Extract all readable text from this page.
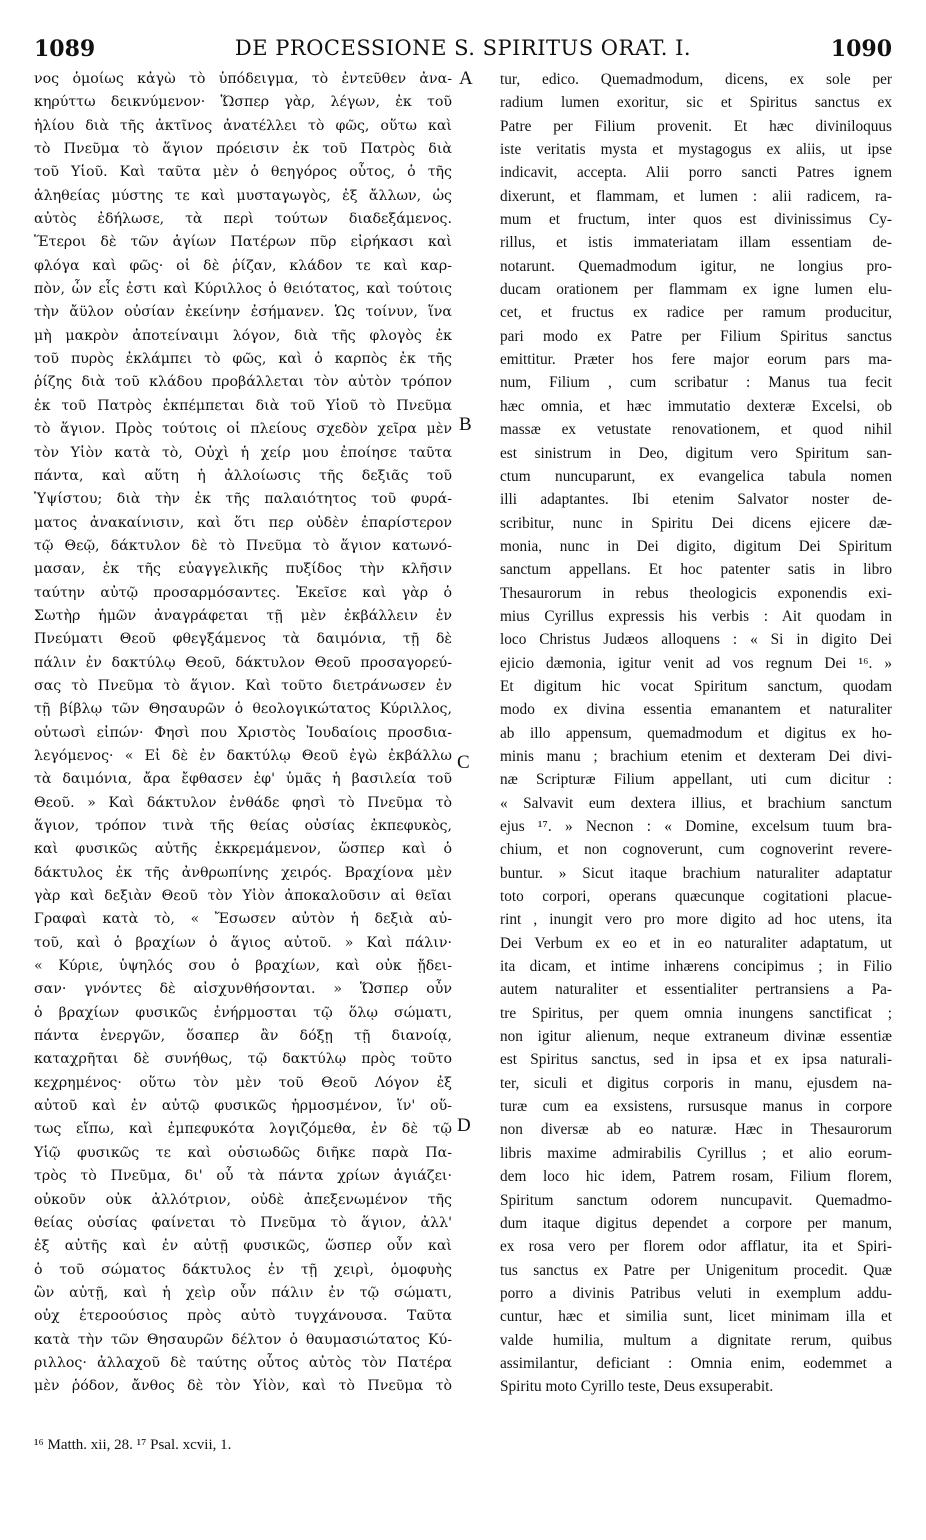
1089	DE PROCESSIONE S. SPIRITUS ORAT. I.	1090
νος ὁμοίως κἀγὼ τὸ ὑπόδειγμα, τὸ ἐντεῦθεν ἀνα-
κηρύττω δεικνύμενον· Ὥσπερ γὰρ, λέγων, ἐκ τοῦ
ἡλίου διὰ τῆς ἀκτῖνος ἀνατέλλει τὸ φῶς, οὕτω καὶ
τὸ Πνεῦμα τὸ ἅγιον πρόεισιν ἐκ τοῦ Πατρὸς διὰ
τοῦ Υἱοῦ. Καὶ ταῦτα μὲν ὁ θεηγόρος οὗτος, ὁ τῆς
ἀληθείας μύστης τε καὶ μυσταγωγὸς, ἐξ ἄλλων, ὡς
αὐτὸς ἐδήλωσε, τὰ περὶ τούτων διαδεξάμενος.
Ἕτεροι δὲ τῶν ἁγίων Πατέρων πῦρ εἰρήκασι καὶ
φλόγα καὶ φῶς· οἱ δὲ ῥίζαν, κλάδον τε καὶ καρ-
πὸν, ὧν εἷς ἐστι καὶ Κύριλλος ὁ θειότατος, καὶ τούτοις
τὴν ἄϋλον οὐσίαν ἐκείνην ἐσήμανεν. Ὡς τοίνυν, ἵνα
μὴ μακρὸν ἀποτείναιμι λόγον, διὰ τῆς φλογὸς ἐκ
τοῦ πυρὸς ἐκλάμπει τὸ φῶς, καὶ ὁ καρπὸς ἐκ τῆς
ῥίζης διὰ τοῦ κλάδου προβάλλεται τὸν αὐτὸν τρόπον
ἐκ τοῦ Πατρὸς ἐκπέμπεται διὰ τοῦ Υἱοῦ τὸ Πνεῦμα
τὸ ἅγιον. Πρὸς τούτοις οἱ πλείους σχεδὸν χεῖρα μὲν
τὸν Υἱὸν κατὰ τὸ, Οὐχὶ ἡ χείρ μου ἐποίησε ταῦτα
πάντα, καὶ αὕτη ἡ ἀλλοίωσις τῆς δεξιᾶς τοῦ
Ὑψίστου; διὰ τὴν ἐκ τῆς παλαιότητος τοῦ φυρά-
ματος ἀνακαίνισιν, καὶ ὅτι περ οὐδὲν ἐπαρίστερον
τῷ Θεῷ, δάκτυλον δὲ τὸ Πνεῦμα τὸ ἅγιον κατωνό-
μασαν, ἐκ τῆς εὐαγγελικῆς πυξίδος τὴν κλῆσιν
ταύτην αὐτῷ προσαρμόσαντες. Ἐκεῖσε καὶ γὰρ ὁ
Σωτὴρ ἡμῶν ἀναγράφεται τῇ μὲν ἐκβάλλειν ἐν
Πνεύματι Θεοῦ φθεγξάμενος τὰ δαιμόνια, τῇ δὲ
πάλιν ἐν δακτύλῳ Θεοῦ, δάκτυλον Θεοῦ προσαγορεύ-
σας τὸ Πνεῦμα τὸ ἅγιον. Καὶ τοῦτο διετράνωσεν ἐν
τῇ βίβλῳ τῶν Θησαυρῶν ὁ θεολογικώτατος Κύριλλος,
οὑτωσὶ εἰπών· Φησὶ που Χριστὸς Ἰουδαίοις προσδια-
λεγόμενος· « Εἰ δὲ ἐν δακτύλῳ Θεοῦ ἐγὼ ἐκβάλλω
τὰ δαιμόνια, ἄρα ἔφθασεν ἐφ' ὑμᾶς ἡ βασιλεία τοῦ
Θεοῦ. » Καὶ δάκτυλον ἐνθάδε φησὶ τὸ Πνεῦμα τὸ
ἅγιον, τρόπον τινὰ τῆς θείας οὐσίας ἐκπεφυκὸς,
καὶ φυσικῶς αὐτῆς ἐκκρεμάμενον, ὥσπερ καὶ ὁ
δάκτυλος ἐκ τῆς ἀνθρωπίνης χειρός. Βραχίονα μὲν
γὰρ καὶ δεξιὰν Θεοῦ τὸν Υἱὸν ἀποκαλοῦσιν αἱ θεῖαι
Γραφαὶ κατὰ τὸ, « Ἔσωσεν αὐτὸν ἡ δεξιὰ αὐ-
τοῦ, καὶ ὁ βραχίων ὁ ἅγιος αὐτοῦ. » Καὶ πάλιν·
« Κύριε, ὑψηλός σου ὁ βραχίων, καὶ οὐκ ᾔδει-
σαν· γνόντες δὲ αἰσχυνθήσονται. » Ὥσπερ οὖν
ὁ βραχίων φυσικῶς ἐνήρμοσται τῷ ὅλῳ σώματι,
πάντα ἐνεργῶν, ὅσαπερ ἂν δόξῃ τῇ διανοίᾳ,
καταχρῆται δὲ συνήθως, τῷ δακτύλῳ πρὸς τοῦτο
κεχρημένος· οὕτω τὸν μὲν τοῦ Θεοῦ Λόγον ἐξ
αὐτοῦ καὶ ἐν αὐτῷ φυσικῶς ἡρμοσμένον, ἵν' οὕ-
τως εἴπω, καὶ ἐμπεφυκότα λογιζόμεθα, ἐν δὲ τῷ
Υἱῷ φυσικῶς τε καὶ οὐσιωδῶς διῆκε παρὰ Πα-
τρὸς τὸ Πνεῦμα, δι' οὗ τὰ πάντα χρίων ἁγιάζει·
οὐκοῦν οὐκ ἀλλότριον, οὐδὲ ἀπεξενωμένον τῆς
θείας οὐσίας φαίνεται τὸ Πνεῦμα τὸ ἅγιον, ἀλλ'
ἐξ αὐτῆς καὶ ἐν αὐτῇ φυσικῶς, ὥσπερ οὖν καὶ
ὁ τοῦ σώματος δάκτυλος ἐν τῇ χειρὶ, ὁμοφυὴς
ὢν αὐτῇ, καὶ ἡ χεὶρ οὖν πάλιν ἐν τῷ σώματι,
οὐχ ἑτεροούσιος πρὸς αὐτὸ τυγχάνουσα. Ταῦτα
κατὰ τὴν τῶν Θησαυρῶν δέλτον ὁ θαυμασιώτατος Κύ-
ριλλος· ἀλλαχοῦ δὲ ταύτης οὗτος αὐτὸς τὸν Πατέρα
μὲν ῥόδον, ἄνθος δὲ τὸν Υἱὸν, καὶ τὸ Πνεῦμα τὸ
tur, edico. Quemadmodum, dicens, ex sole per
radium lumen exoritur, sic et Spiritus sanctus ex
Patre per Filium provenit. Et hæc diviniloquus
iste veritatis mysta et mystagogus ex aliis, ut ipse
indicavit, accepta. Alii porro sancti Patres ignem
dixerunt, et flammam, et lumen : alii radicem, ra-
mum et fructum, inter quos est divinissimus Cy-
rillus, et istis immateriatam illam essentiam de-
notarunt. Quemadmodum igitur, ne longius pro-
ducam orationem per flammam ex igne lumen elu-
cet, et fructus ex radice per ramum producitur,
pari modo ex Patre per Filium Spiritus sanctus
emittitur. Præter hos fere major eorum pars ma-
num, Filium , cum scribatur : Manus tua fecit
hæc omnia, et hæc immutatio dexteræ Excelsi, ob
massæ ex vetustate renovationem, et quod nihil
est sinistrum in Deo, digitum vero Spiritum san-
ctum nuncuparunt, ex evangelica tabula nomen
illi adaptantes. Ibi etenim Salvator noster de-
scribitur, nunc in Spiritu Dei dicens ejicere dæ-
monia, nunc in Dei digito, digitum Dei Spiritum
sanctum appellans. Et hoc patenter satis in libro
Thesaurorum in rebus theologicis exponendis exi-
mius Cyrillus expressis his verbis : Ait quodam in
loco Christus Judæos alloquens : « Si in digito Dei
ejicio dæmonia, igitur venit ad vos regnum Dei ¹⁶. »
Et digitum hic vocat Spiritum sanctum, quodam
modo ex divina essentia emanantem et naturaliter
ab illo appensum, quemadmodum et digitus ex ho-
minis manu ; brachium etenim et dexteram Dei divi-
næ Scripturæ Filium appellant, uti cum dicitur :
« Salvavit eum dextera illius, et brachium sanctum
ejus ¹⁷. » Necnon : « Domine, excelsum tuum bra-
chium, et non cognoverunt, cum cognoverint revere-
buntur. » Sicut itaque brachium naturaliter adaptatur
toto corpori, operans quæcunque cogitationi placue-
rint , inungit vero pro more digito ad hoc utens, ita
Dei Verbum ex eo et in eo naturaliter adaptatum, ut
ita dicam, et intime inhærens concipimus ; in Filio
autem naturaliter et essentialiter pertransiens a Pa-
tre Spiritus, per quem omnia inungens sanctificat ;
non igitur alienum, neque extraneum divinæ essentiæ
est Spiritus sanctus, sed in ipsa et ex ipsa naturali-
ter, siculi et digitus corporis in manu, ejusdem na-
turæ cum ea exsistens, rursusque manus in corpore
non diversæ ab eo naturæ. Hæc in Thesaurorum
libris maxime admirabilis Cyrillus ; et alio eorum-
dem loco hic idem, Patrem rosam, Filium florem,
Spiritum sanctum odorem nuncupavit. Quemadmo-
dum itaque digitus dependet a corpore per manum,
ex rosa vero per florem odor afflatur, ita et Spiri-
tus sanctus ex Patre per Unigenitum procedit. Quæ
porro a divinis Patribus veluti in exemplum addu-
cuntur, hæc et similia sunt, licet minimam illa et
valde humilia, multum a dignitate rerum, quibus
assimilantur, deficiant : Omnia enim, eodemmet a
Spiritu moto Cyrillo teste, Deus exsuperabit.
A
B
C
D
¹⁶ Matth. xii, 28. ¹⁷ Psal. xcvii, 1.
